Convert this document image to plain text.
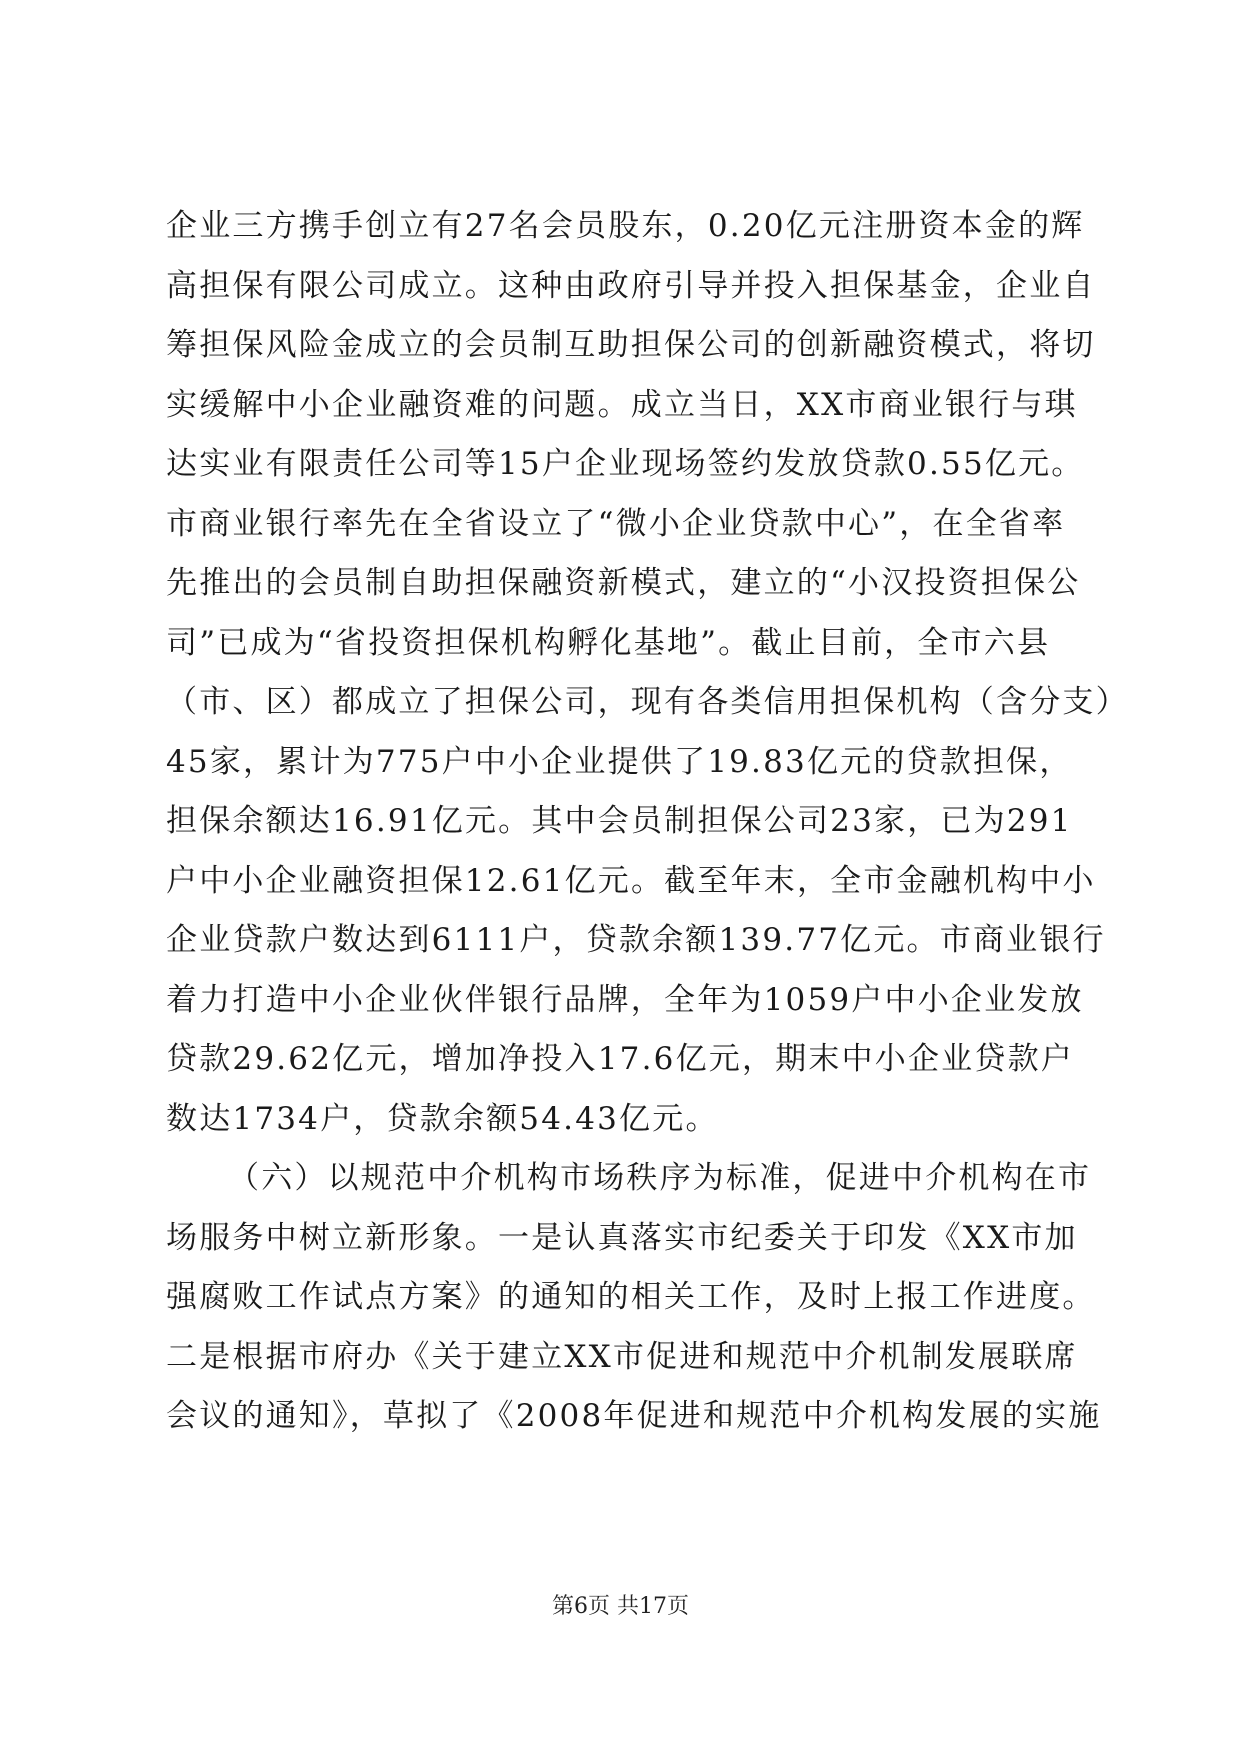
企业三方携手创立有27名会员股东，0.20亿元注册资本金的辉
高担保有限公司成立。这种由政府引导并投入担保基金，企业自
筹担保风险金成立的会员制互助担保公司的创新融资模式，将切
实缓解中小企业融资难的问题。成立当日，XX市商业银行与琪
达实业有限责任公司等15户企业现场签约发放贷款0.55亿元。
市商业银行率先在全省设立了“微小企业贷款中心”，在全省率
先推出的会员制自助担保融资新模式，建立的“小汉投资担保公
司”已成为“省投资担保机构孵化基地”。截止目前，全市六县
（市、区）都成立了担保公司，现有各类信用担保机构（含分支）
45家，累计为775户中小企业提供了19.83亿元的贷款担保，
担保余额达16.91亿元。其中会员制担保公司23家，已为291
户中小企业融资担保12.61亿元。截至年末，全市金融机构中小
企业贷款户数达到6111户，贷款余额139.77亿元。市商业银行
着力打造中小企业伙伴银行品牌，全年为1059户中小企业发放
贷款29.62亿元，增加净投入17.6亿元，期末中小企业贷款户
数达1734户，贷款余额54.43亿元。
（六）以规范中介机构市场秩序为标准，促进中介机构在市
场服务中树立新形象。一是认真落实市纪委关于印发《XX市加
强腐败工作试点方案》的通知的相关工作，及时上报工作进度。
二是根据市府办《关于建立XX市促进和规范中介机制发展联席
会议的通知》，草拟了《2008年促进和规范中介机构发展的实施
第6页 共17页
